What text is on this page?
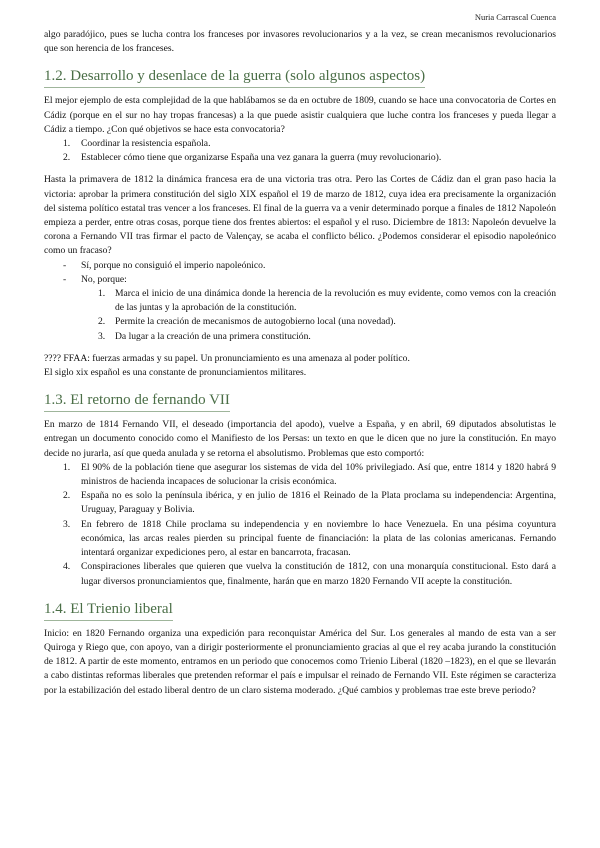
Nuria Carrascal Cuenca

algo paradójico, pues se lucha contra los franceses por invasores revolucionarios y a la vez, se crean mecanismos revolucionarios que son herencia de los franceses.

1.2. Desarrollo y desenlace de la guerra (solo algunos aspectos)

El mejor ejemplo de esta complejidad de la que hablábamos se da en octubre de 1809, cuando se hace una convocatoria de Cortes en Cádiz (porque en el sur no hay tropas francesas) a la que puede asistir cualquiera que luche contra los franceses y pueda llegar a Cádiz a tiempo. ¿Con qué objetivos se hace esta convocatoria?

1. Coordinar la resistencia española.
2. Establecer cómo tiene que organizarse España una vez ganara la guerra (muy revolucionario).

Hasta la primavera de 1812 la dinámica francesa era de una victoria tras otra. Pero las Cortes de Cádiz dan el gran paso hacia la victoria: aprobar la primera constitución del siglo XIX español el 19 de marzo de 1812, cuya idea era precisamente la organización del sistema político estatal tras vencer a los franceses. El final de la guerra va a venir determinado porque a finales de 1812 Napoleón empieza a perder, entre otras cosas, porque tiene dos frentes abiertos: el español y el ruso. Diciembre de 1813: Napoleón devuelve la corona a Fernando VII tras firmar el pacto de Valençay, se acaba el conflicto bélico. ¿Podemos considerar el episodio napoleónico como un fracaso?

- Sí, porque no consiguió el imperio napoleónico.
- No, porque:
1. Marca el inicio de una dinámica donde la herencia de la revolución es muy evidente, como vemos con la creación de las juntas y la aprobación de la constitución.
2. Permite la creación de mecanismos de autogobierno local (una novedad).
3. Da lugar a la creación de una primera constitución.

???? FFAA: fuerzas armadas y su papel. Un pronunciamiento es una amenaza al poder político.

El siglo xix español es una constante de pronunciamientos militares.

1.3. El retorno de fernando VII

En marzo de 1814 Fernando VII, el deseado (importancia del apodo), vuelve a España, y en abril, 69 diputados absolutistas le entregan un documento conocido como el Manifiesto de los Persas: un texto en que le dicen que no jure la constitución. En mayo decide no jurarla, así que queda anulada y se retorna el absolutismo. Problemas que esto comportó:

1. El 90% de la población tiene que asegurar los sistemas de vida del 10% privilegiado. Así que, entre 1814 y 1820 habrá 9 ministros de hacienda incapaces de solucionar la crisis económica.
2. España no es solo la península ibérica, y en julio de 1816 el Reinado de la Plata proclama su independencia: Argentina, Uruguay, Paraguay y Bolivia.
3. En febrero de 1818 Chile proclama su independencia y en noviembre lo hace Venezuela. En una pésima coyuntura económica, las arcas reales pierden su principal fuente de financiación: la plata de las colonias americanas. Fernando intentará organizar expediciones pero, al estar en bancarrota, fracasan.
4. Conspiraciones liberales que quieren que vuelva la constitución de 1812, con una monarquía constitucional. Esto dará a lugar diversos pronunciamientos que, finalmente, harán que en marzo 1820 Fernando VII acepte la constitución.
1.4. El Trienio liberal

Inicio: en 1820 Fernando organiza una expedición para reconquistar América del Sur. Los generales al mando de esta van a ser Quiroga y Riego que, con apoyo, van a dirigir posteriormente el pronunciamiento gracias al que el rey acaba jurando la constitución de 1812. A partir de este momento, entramos en un periodo que conocemos como Trienio Liberal (1820 –1823), en el que se llevarán a cabo distintas reformas liberales que pretenden reformar el país e impulsar el reinado de Fernando VII. Este régimen se caracteriza por la estabilización del estado liberal dentro de un claro sistema moderado. ¿Qué cambios y problemas trae este breve periodo?
